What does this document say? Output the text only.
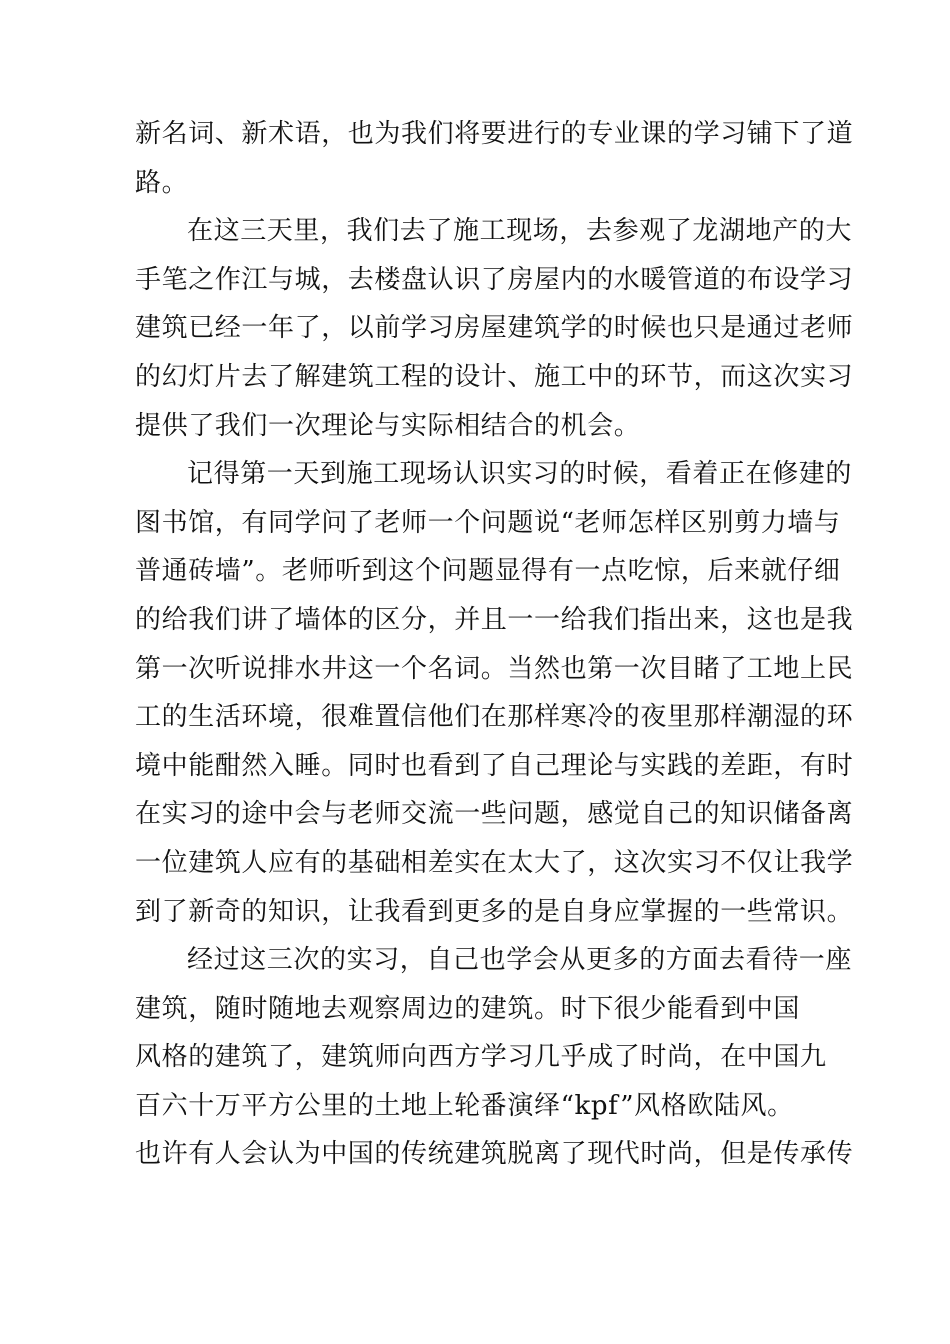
新名词、新术语，也为我们将要进行的专业课的学习铺下了道
路。
在这三天里，我们去了施工现场，去参观了龙湖地产的大
手笔之作江与城，去楼盘认识了房屋内的水暖管道的布设学习
建筑已经一年了，以前学习房屋建筑学的时候也只是通过老师
的幻灯片去了解建筑工程的设计、施工中的环节，而这次实习
提供了我们一次理论与实际相结合的机会。
记得第一天到施工现场认识实习的时候，看着正在修建的
图书馆，有同学问了老师一个问题说“老师怎样区别剪力墙与
普通砖墙”。老师听到这个问题显得有一点吃惊，后来就仔细
的给我们讲了墙体的区分，并且一一给我们指出来，这也是我
第一次听说排水井这一个名词。当然也第一次目睹了工地上民
工的生活环境，很难置信他们在那样寒冷的夜里那样潮湿的环
境中能酣然入睡。同时也看到了自己理论与实践的差距，有时
在实习的途中会与老师交流一些问题，感觉自己的知识储备离
一位建筑人应有的基础相差实在太大了，这次实习不仅让我学
到了新奇的知识，让我看到更多的是自身应掌握的一些常识。
经过这三次的实习，自己也学会从更多的方面去看待一座
建筑，随时随地去观察周边的建筑。时下很少能看到中国
风格的建筑了，建筑师向西方学习几乎成了时尚，在中国九
百六十万平方公里的土地上轮番演绎“kpf”风格欧陆风。
也许有人会认为中国的传统建筑脱离了现代时尚，但是传承传
